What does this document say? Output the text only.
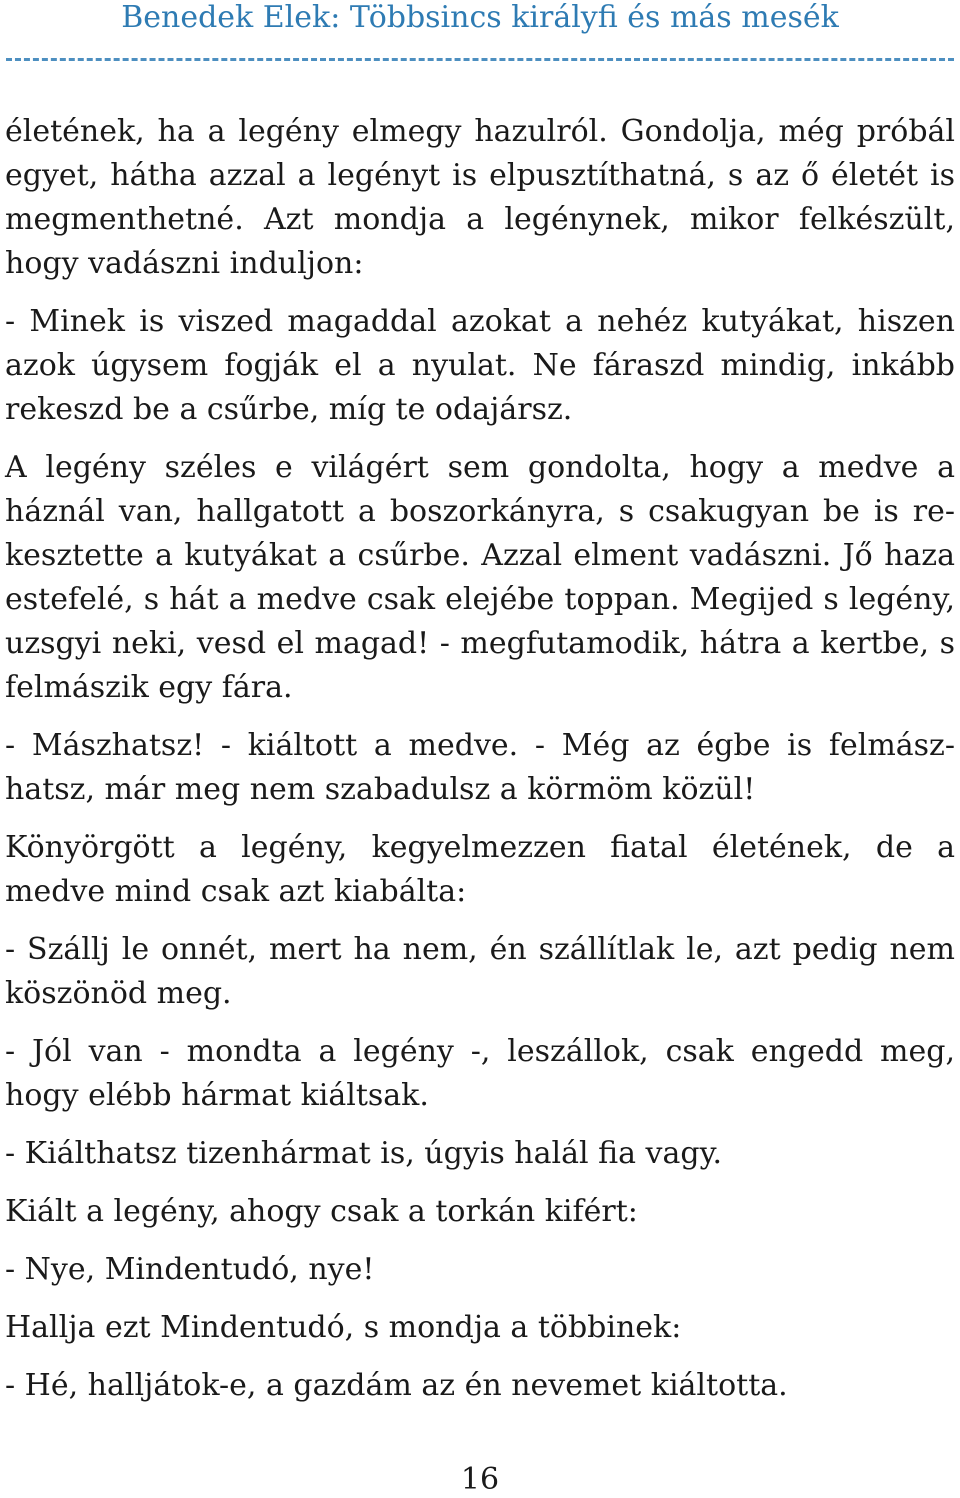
Benedek Elek: Többsincs királyfi és más mesék

életének, ha a legény elmegy hazulról. Gondolja, még próbál egyet, hátha azzal a legényt is elpusztíthatná, s az ő életét is megmenthetné. Azt mondja a legénynek, mikor felkészült, hogy vadászni induljon:

- Minek is viszed magaddal azokat a nehéz kutyákat, hiszen azok úgysem fogják el a nyulat. Ne fáraszd mindig, inkább rekeszd be a csűrbe, míg te odajársz.

A legény széles e világért sem gondolta, hogy a medve a háznál van, hallgatott a boszorkányra, s csakugyan be is rekesztette a kutyákat a csűrbe. Azzal elment vadászni. Jő haza estefelé, s hát a medve csak elejébe toppan. Megijed s legény, uzsgyi neki, vesd el magad! - megfutamodik, hátra a kertbe, s felmászik egy fára.

- Mászhatsz! - kiáltott a medve. - Még az égbe is felmászhatsz, már meg nem szabadulsz a körmöm közül!

Könyörgött a legény, kegyelmezzen fiatal életének, de a medve mind csak azt kiabálta:

- Szállj le onnét, mert ha nem, én szállítlak le, azt pedig nem köszönöd meg.

- Jól van - mondta a legény -, leszállok, csak engedd meg, hogy elébb hármat kiáltsak.

- Kiálthatsz tizenhármat is, úgyis halál fia vagy.

Kiált a legény, ahogy csak a torkán kifért:

- Nye, Mindentudó, nye!

Hallja ezt Mindentudó, s mondja a többinek:

- Hé, halljátok-e, a gazdám az én nevemet kiáltotta.

16
